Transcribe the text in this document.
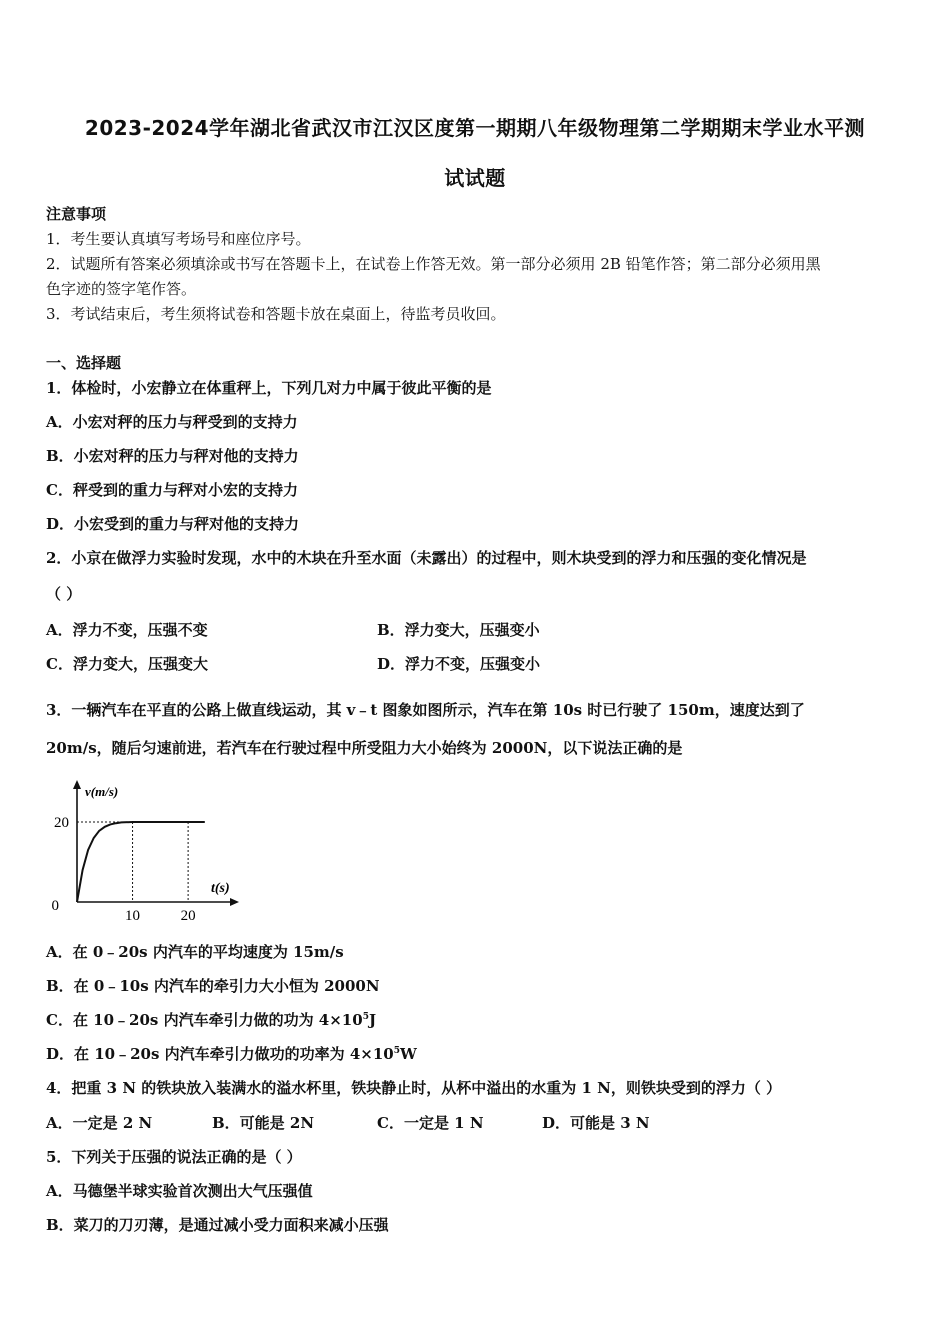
2023-2024学年湖北省武汉市江汉区度第一期期八年级物理第二学期期末学业水平测
试试题
注意事项
1．考生要认真填写考场号和座位序号。
2．试题所有答案必须填涂或书写在答题卡上，在试卷上作答无效。第一部分必须用 2B 铅笔作答；第二部分必须用黑
色字迹的签字笔作答。
3．考试结束后，考生须将试卷和答题卡放在桌面上，待监考员收回。
一、选择题
1．体检时，小宏静立在体重秤上，下列几对力中属于彼此平衡的是
A．小宏对秤的压力与秤受到的支持力
B．小宏对秤的压力与秤对他的支持力
C．秤受到的重力与秤对小宏的支持力
D．小宏受到的重力与秤对他的支持力
2．小京在做浮力实验时发现，水中的木块在升至水面（未露出）的过程中，则木块受到的浮力和压强的变化情况是
（ ）
A．浮力不变，压强不变	B．浮力变大，压强变小
C．浮力变大，压强变大	D．浮力不变，压强变小
3．一辆汽车在平直的公路上做直线运动，其 v﹣t 图象如图所示，汽车在第 10s 时已行驶了 150m，速度达到了
20m/s，随后匀速前进，若汽车在行驶过程中所受阻力大小始终为 2000N，以下说法正确的是
10	20
20
0
v(m/s)
t(s)
A．在 0﹣20s 内汽车的平均速度为 15m/s
B．在 0﹣10s 内汽车的牵引力大小恒为 2000N
C．在 10﹣20s 内汽车牵引力做的功为 $4\times 10^5J$
D．在 10﹣20s 内汽车牵引力做功的功率为 $4\times 10^5W$
4．把重 3 N 的铁块放入装满水的溢水杯里，铁块静止时，从杯中溢出的水重为 1 N，则铁块受到的浮力（ ）
A．一定是 2 N	B．可能是 2N	C．一定是 1 N	D．可能是 3 N
5．下列关于压强的说法正确的是（ ）
A．马德堡半球实验首次测出大气压强值
B．菜刀的刀刃薄，是通过减小受力面积来减小压强
